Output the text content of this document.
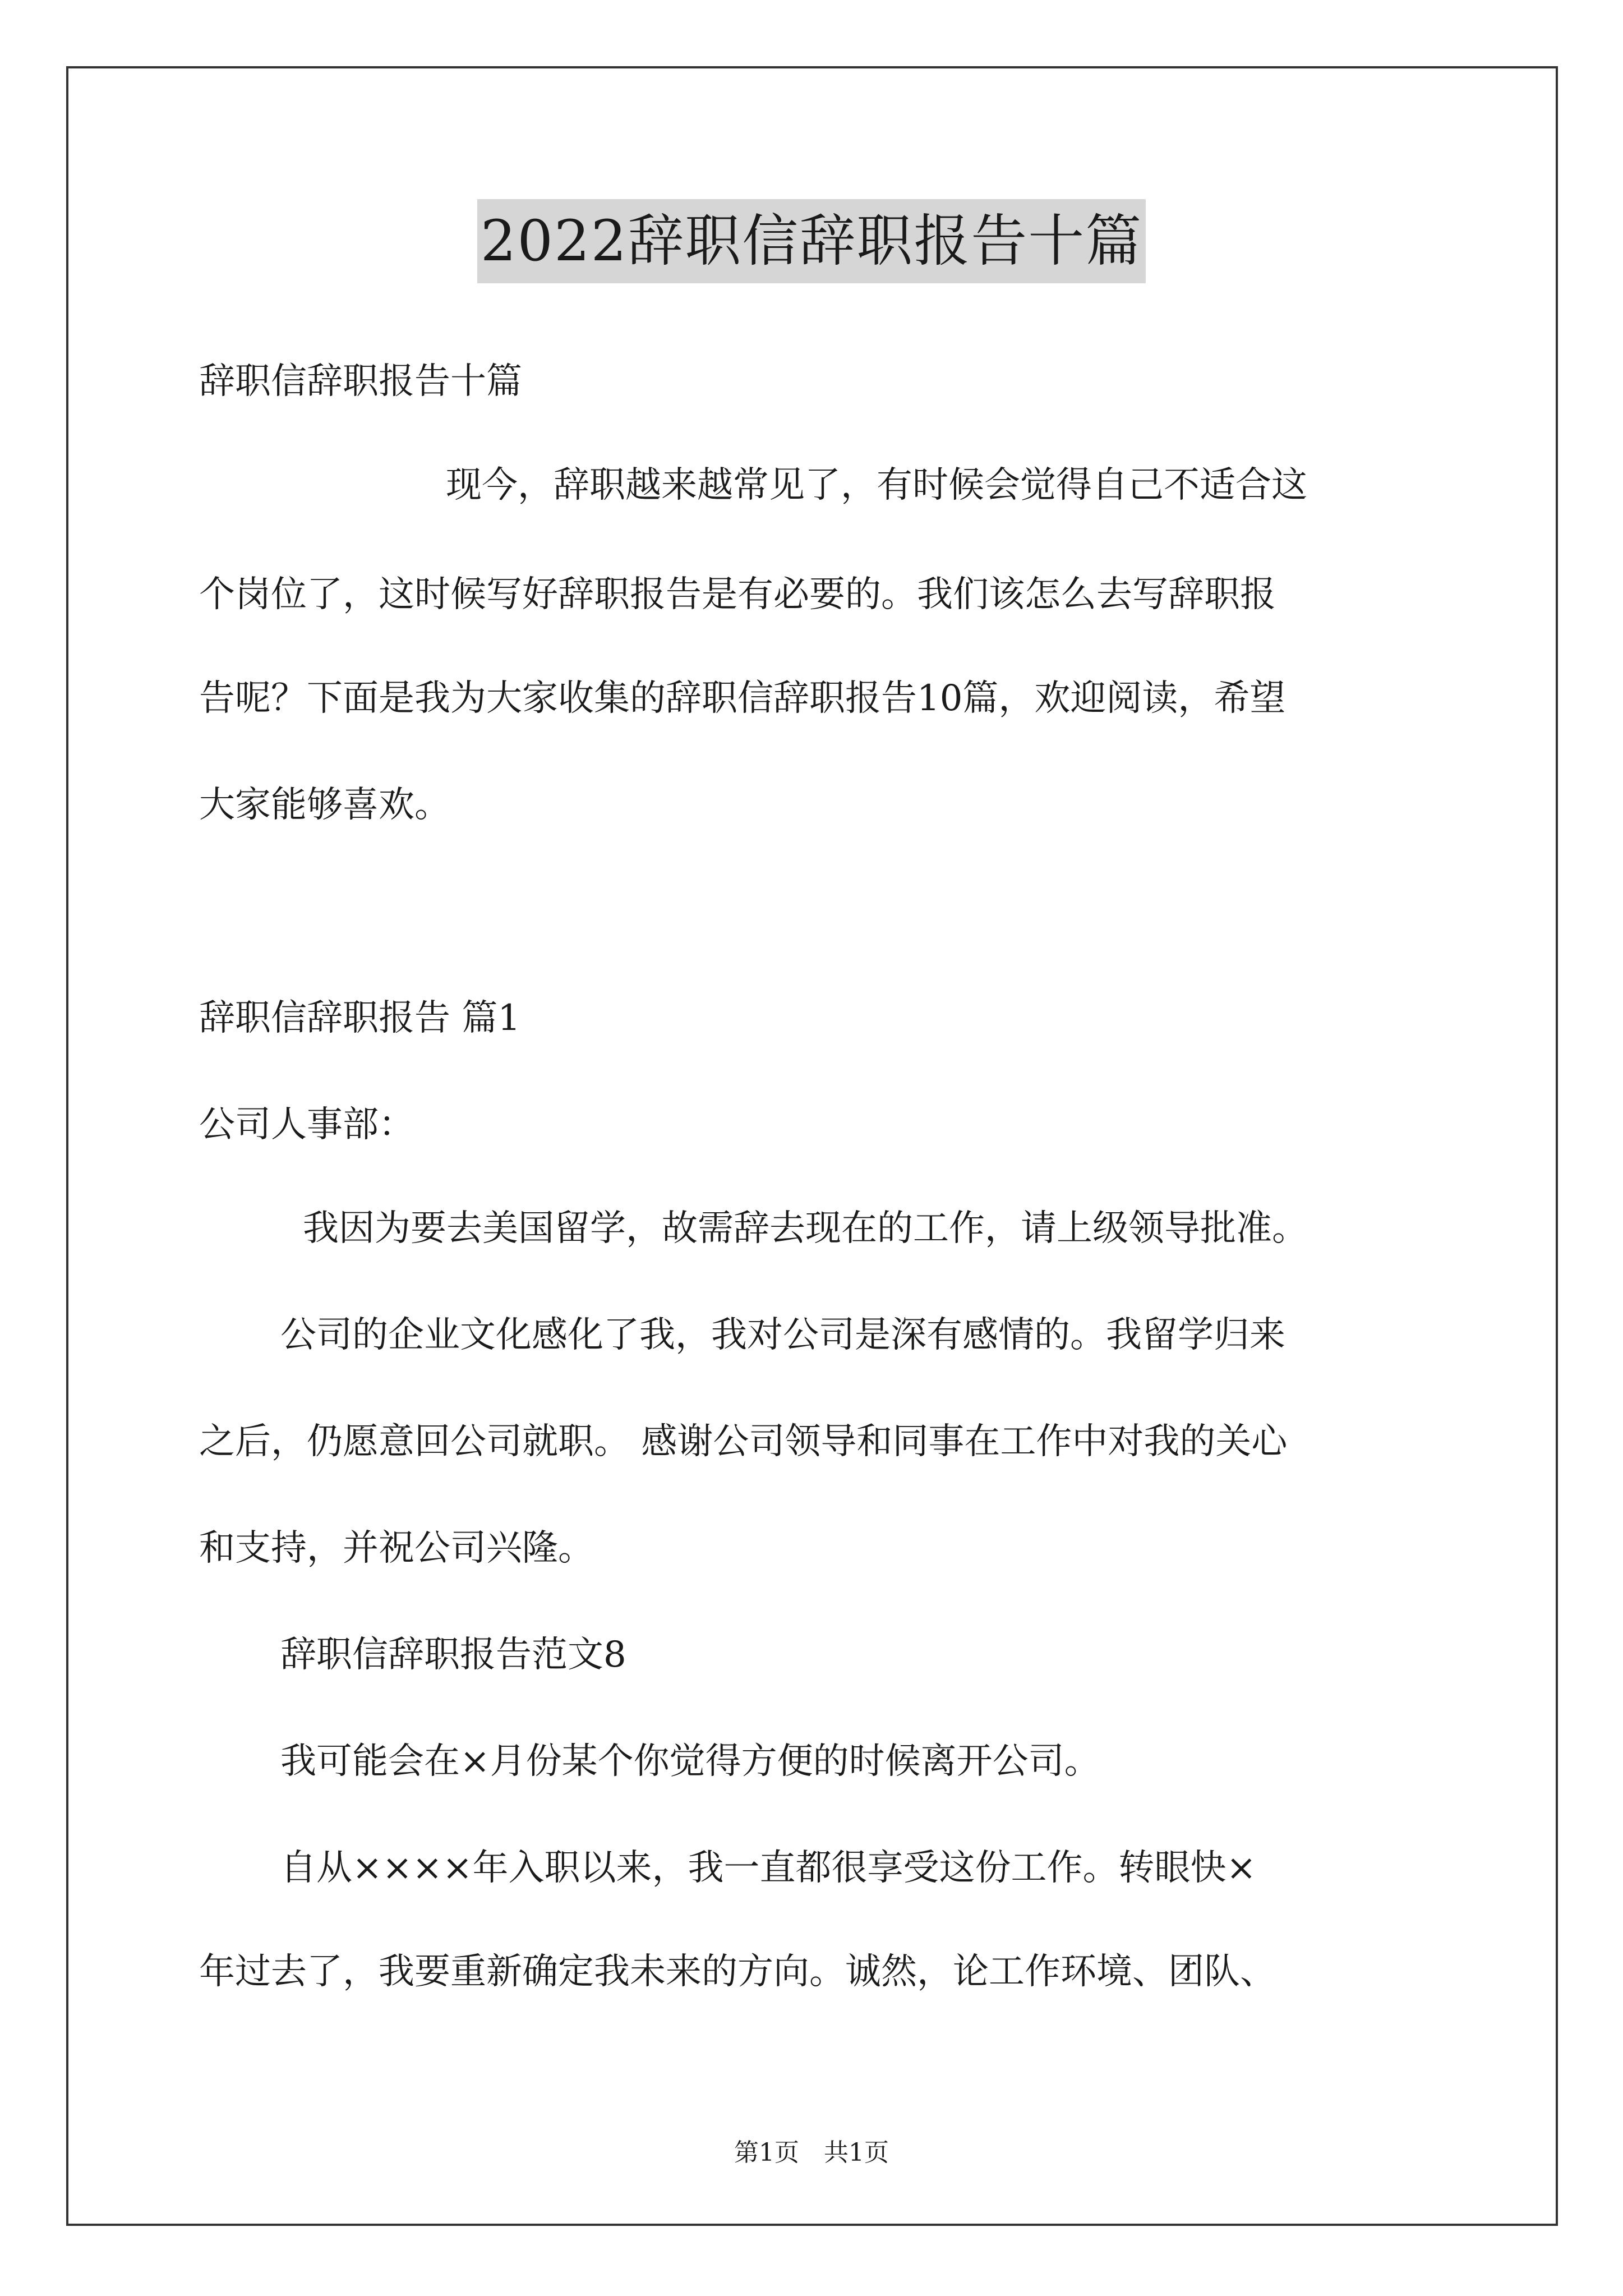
2022辞职信辞职报告十篇

辞职信辞职报告十篇

现今，辞职越来越常见了，有时候会觉得自己不适合这

个岗位了，这时候写好辞职报告是有必要的。我们该怎么去写辞职报

告呢？下面是我为大家收集的辞职信辞职报告10篇，欢迎阅读，希望

大家能够喜欢。

辞职信辞职报告 篇1

公司人事部：

我因为要去美国留学，故需辞去现在的工作，请上级领导批准。

公司的企业文化感化了我，我对公司是深有感情的。我留学归来

之后，仍愿意回公司就职。 感谢公司领导和同事在工作中对我的关心

和支持，并祝公司兴隆。

辞职信辞职报告范文8

我可能会在×月份某个你觉得方便的时候离开公司。

自从××××年入职以来，我一直都很享受这份工作。转眼快×

年过去了，我要重新确定我未来的方向。诚然，论工作环境、团队、

第1页　共1页
